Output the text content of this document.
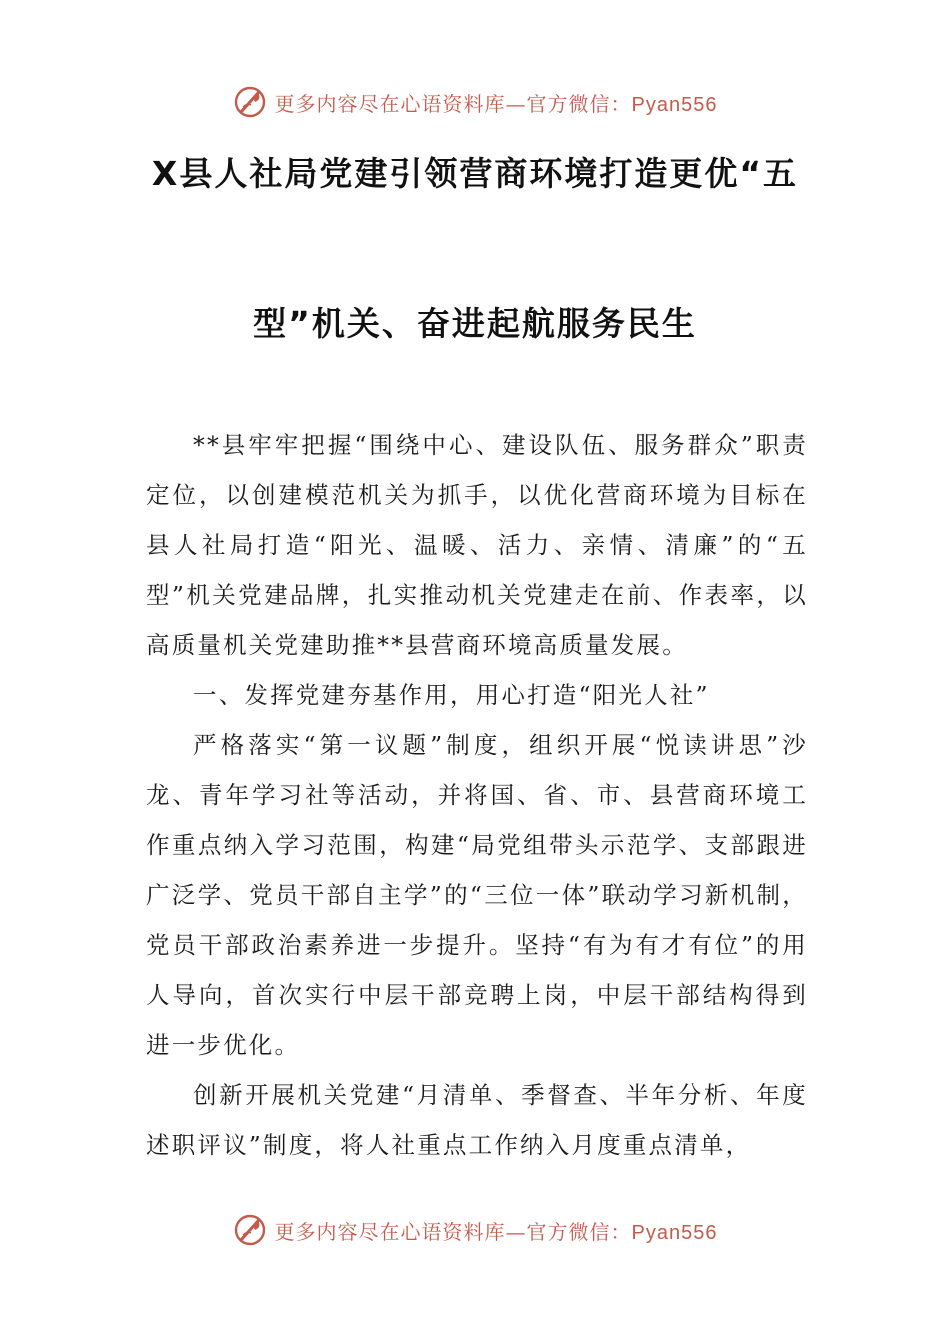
更多内容尽在心语资料库—官方微信：Pyan556
X县人社局党建引领营商环境打造更优“五
型”机关、奋进起航服务民生

**县牢牢把握“围绕中心、建设队伍、服务群众”职责定位，以创建模范机关为抓手，以优化营商环境为目标在县人社局打造“阳光、温暖、活力、亲情、清廉”的“五型”机关党建品牌，扎实推动机关党建走在前、作表率，以高质量机关党建助推**县营商环境高质量发展。

一、发挥党建夯基作用，用心打造“阳光人社”

严格落实“第一议题”制度，组织开展“悦读讲思”沙龙、青年学习社等活动，并将国、省、市、县营商环境工作重点纳入学习范围，构建“局党组带头示范学、支部跟进广泛学、党员干部自主学”的“三位一体”联动学习新机制，党员干部政治素养进一步提升。坚持“有为有才有位”的用人导向，首次实行中层干部竞聘上岗，中层干部结构得到进一步优化。

创新开展机关党建“月清单、季督查、半年分析、年度述职评议”制度，将人社重点工作纳入月度重点清单，

更多内容尽在心语资料库—官方微信：Pyan556
